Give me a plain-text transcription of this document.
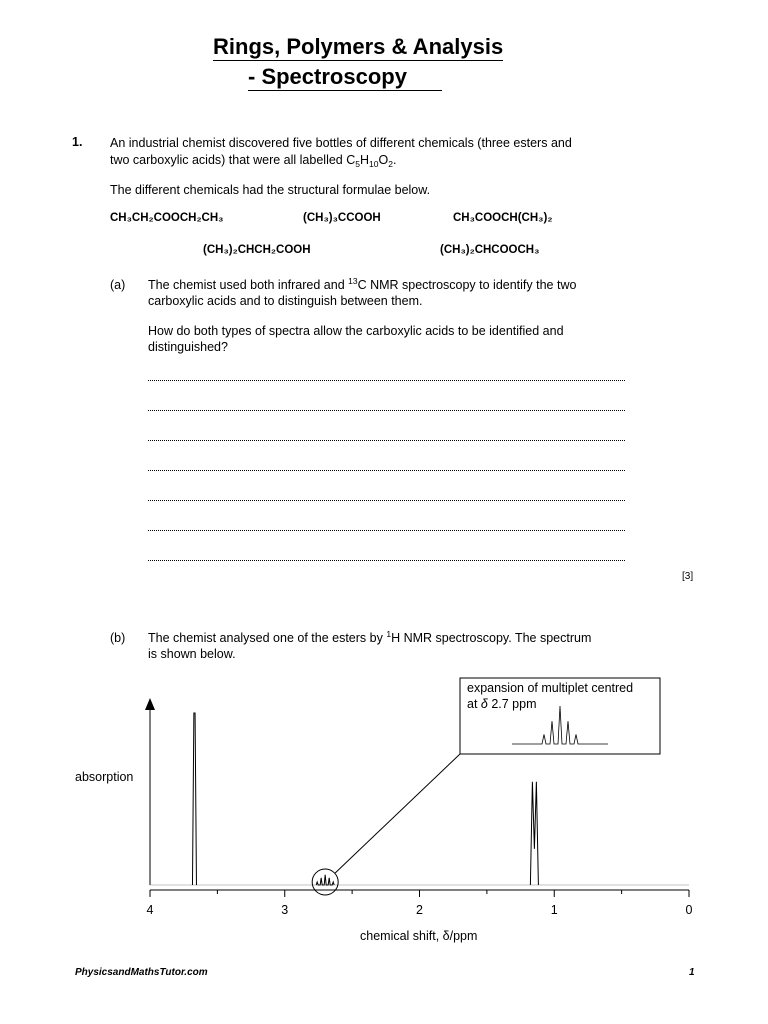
Rings, Polymers & Analysis
- Spectroscopy
1. An industrial chemist discovered five bottles of different chemicals (three esters and
two carboxylic acids) that were all labelled $C_5H_{10}O_2$.
The different chemicals had the structural formulae below.
CH₃CH₂COOCH₂CH₃	(CH₃)₃CCOOH	CH₃COOCH(CH₃)₂
(CH₃)₂CHCH₂COOH	(CH₃)₂CHCOOCH₃
(a) The chemist used both infrared and $^{13}$C NMR spectroscopy to identify the two
carboxylic acids and to distinguish between them.
How do both types of spectra allow the carboxylic acids to be identified and
distinguished?
[3]
(b) The chemist analysed one of the esters by $^1$H NMR spectroscopy. The spectrum
is shown below.
4	3	2	1	0
expansion of multiplet centred
at δ 2.7 ppm
absorption
chemical shift, δ/ppm
PhysicsandMathsTutor.com	1
